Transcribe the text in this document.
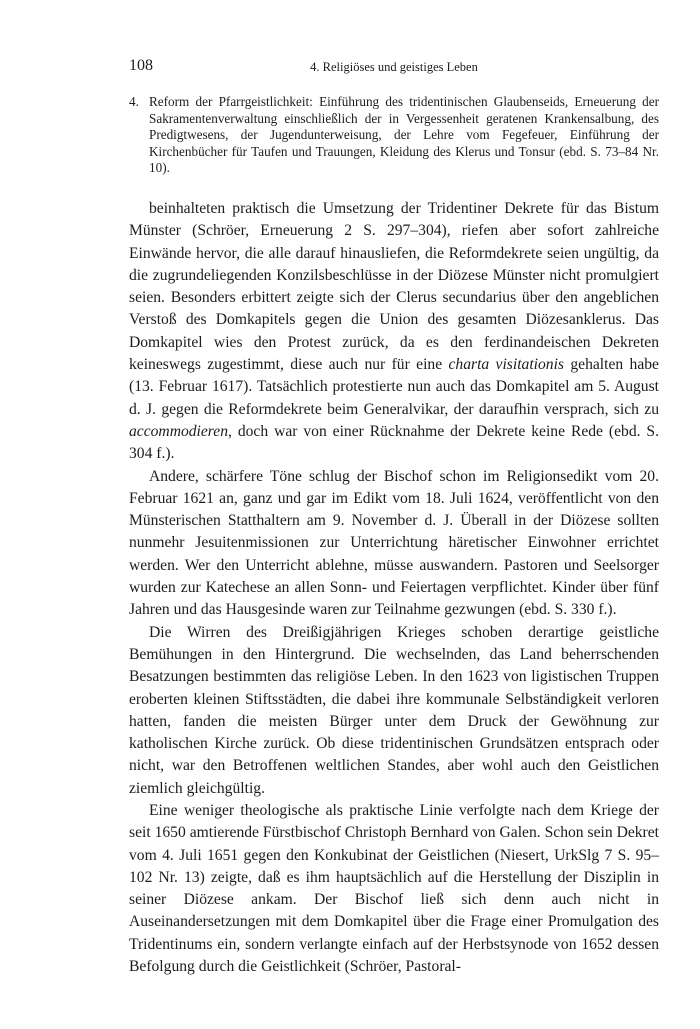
108	4. Religiöses und geistiges Leben
4. Reform der Pfarrgeistlichkeit: Einführung des tridentinischen Glaubenseids, Erneuerung der Sakramentenverwaltung einschließlich der in Vergessenheit geratenen Krankensalbung, des Predigtwesens, der Jugendunterweisung, der Lehre vom Fegefeuer, Einführung der Kirchenbücher für Taufen und Trauungen, Kleidung des Klerus und Tonsur (ebd. S. 73–84 Nr. 10).

beinhalteten praktisch die Umsetzung der Tridentiner Dekrete für das Bistum Münster (Schröer, Erneuerung 2 S. 297–304), riefen aber sofort zahlreiche Einwände hervor, die alle darauf hinausliefen, die Reformdekrete seien ungültig, da die zugrundeliegenden Konzilsbeschlüsse in der Diözese Münster nicht promulgiert seien. Besonders erbittert zeigte sich der Clerus secundarius über den angeblichen Verstoß des Domkapitels gegen die Union des gesamten Diözesanklerus. Das Domkapitel wies den Protest zurück, da es den ferdinandeischen Dekreten keineswegs zugestimmt, diese auch nur für eine charta visitationis gehalten habe (13. Februar 1617). Tatsächlich protestierte nun auch das Domkapitel am 5. August d. J. gegen die Reformdekrete beim Generalvikar, der daraufhin versprach, sich zu accommodieren, doch war von einer Rücknahme der Dekrete keine Rede (ebd. S. 304 f.).

Andere, schärfere Töne schlug der Bischof schon im Religionsedikt vom 20. Februar 1621 an, ganz und gar im Edikt vom 18. Juli 1624, veröffentlicht von den Münsterischen Statthaltern am 9. November d. J. Überall in der Diözese sollten nunmehr Jesuitenmissionen zur Unterrichtung häretischer Einwohner errichtet werden. Wer den Unterricht ablehne, müsse auswandern. Pastoren und Seelsorger wurden zur Katechese an allen Sonn- und Feiertagen verpflichtet. Kinder über fünf Jahren und das Hausgesinde waren zur Teilnahme gezwungen (ebd. S. 330 f.).

Die Wirren des Dreißigjährigen Krieges schoben derartige geistliche Bemühungen in den Hintergrund. Die wechselnden, das Land beherrschenden Besatzungen bestimmten das religiöse Leben. In den 1623 von ligistischen Truppen eroberten kleinen Stiftsstädten, die dabei ihre kommunale Selbständigkeit verloren hatten, fanden die meisten Bürger unter dem Druck der Gewöhnung zur katholischen Kirche zurück. Ob diese tridentinischen Grundsätzen entsprach oder nicht, war den Betroffenen weltlichen Standes, aber wohl auch den Geistlichen ziemlich gleichgültig.

Eine weniger theologische als praktische Linie verfolgte nach dem Kriege der seit 1650 amtierende Fürstbischof Christoph Bernhard von Galen. Schon sein Dekret vom 4. Juli 1651 gegen den Konkubinat der Geistlichen (Niesert, UrkSlg 7 S. 95–102 Nr. 13) zeigte, daß es ihm hauptsächlich auf die Herstellung der Disziplin in seiner Diözese ankam. Der Bischof ließ sich denn auch nicht in Auseinandersetzungen mit dem Domkapitel über die Frage einer Promulgation des Tridentinums ein, sondern verlangte einfach auf der Herbstsynode von 1652 dessen Befolgung durch die Geistlichkeit (Schröer, Pastoral-
